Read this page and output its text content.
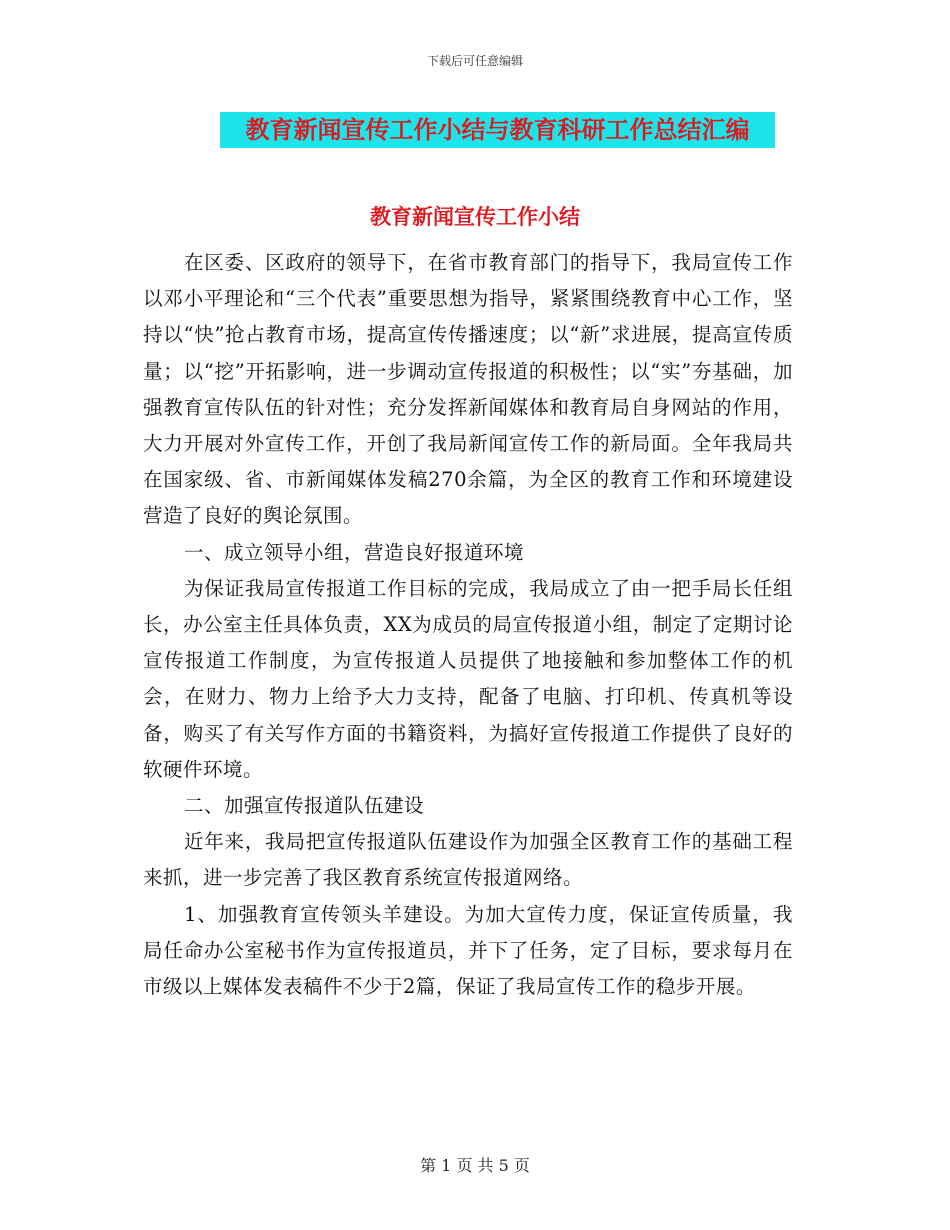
下载后可任意编辑
教育新闻宣传工作小结与教育科研工作总结汇编
教育新闻宣传工作小结

在区委、区政府的领导下，在省市教育部门的指导下，我局宣传工作以邓小平理论和“三个代表”重要思想为指导，紧紧围绕教育中心工作，坚持以“快”抢占教育市场，提高宣传传播速度；以“新”求进展，提高宣传质量；以“挖”开拓影响，进一步调动宣传报道的积极性；以“实”夯基础，加强教育宣传队伍的针对性；充分发挥新闻媒体和教育局自身网站的作用，大力开展对外宣传工作，开创了我局新闻宣传工作的新局面。全年我局共在国家级、省、市新闻媒体发稿270余篇，为全区的教育工作和环境建设营造了良好的舆论氛围。

一、成立领导小组，营造良好报道环境

为保证我局宣传报道工作目标的完成，我局成立了由一把手局长任组长，办公室主任具体负责，XX为成员的局宣传报道小组，制定了定期讨论宣传报道工作制度，为宣传报道人员提供了地接触和参加整体工作的机会，在财力、物力上给予大力支持，配备了电脑、打印机、传真机等设备，购买了有关写作方面的书籍资料，为搞好宣传报道工作提供了良好的软硬件环境。

二、加强宣传报道队伍建设

近年来，我局把宣传报道队伍建设作为加强全区教育工作的基础工程来抓，进一步完善了我区教育系统宣传报道网络。

1、加强教育宣传领头羊建设。为加大宣传力度，保证宣传质量，我局任命办公室秘书作为宣传报道员，并下了任务，定了目标，要求每月在市级以上媒体发表稿件不少于2篇，保证了我局宣传工作的稳步开展。

第 1 页 共 5 页
